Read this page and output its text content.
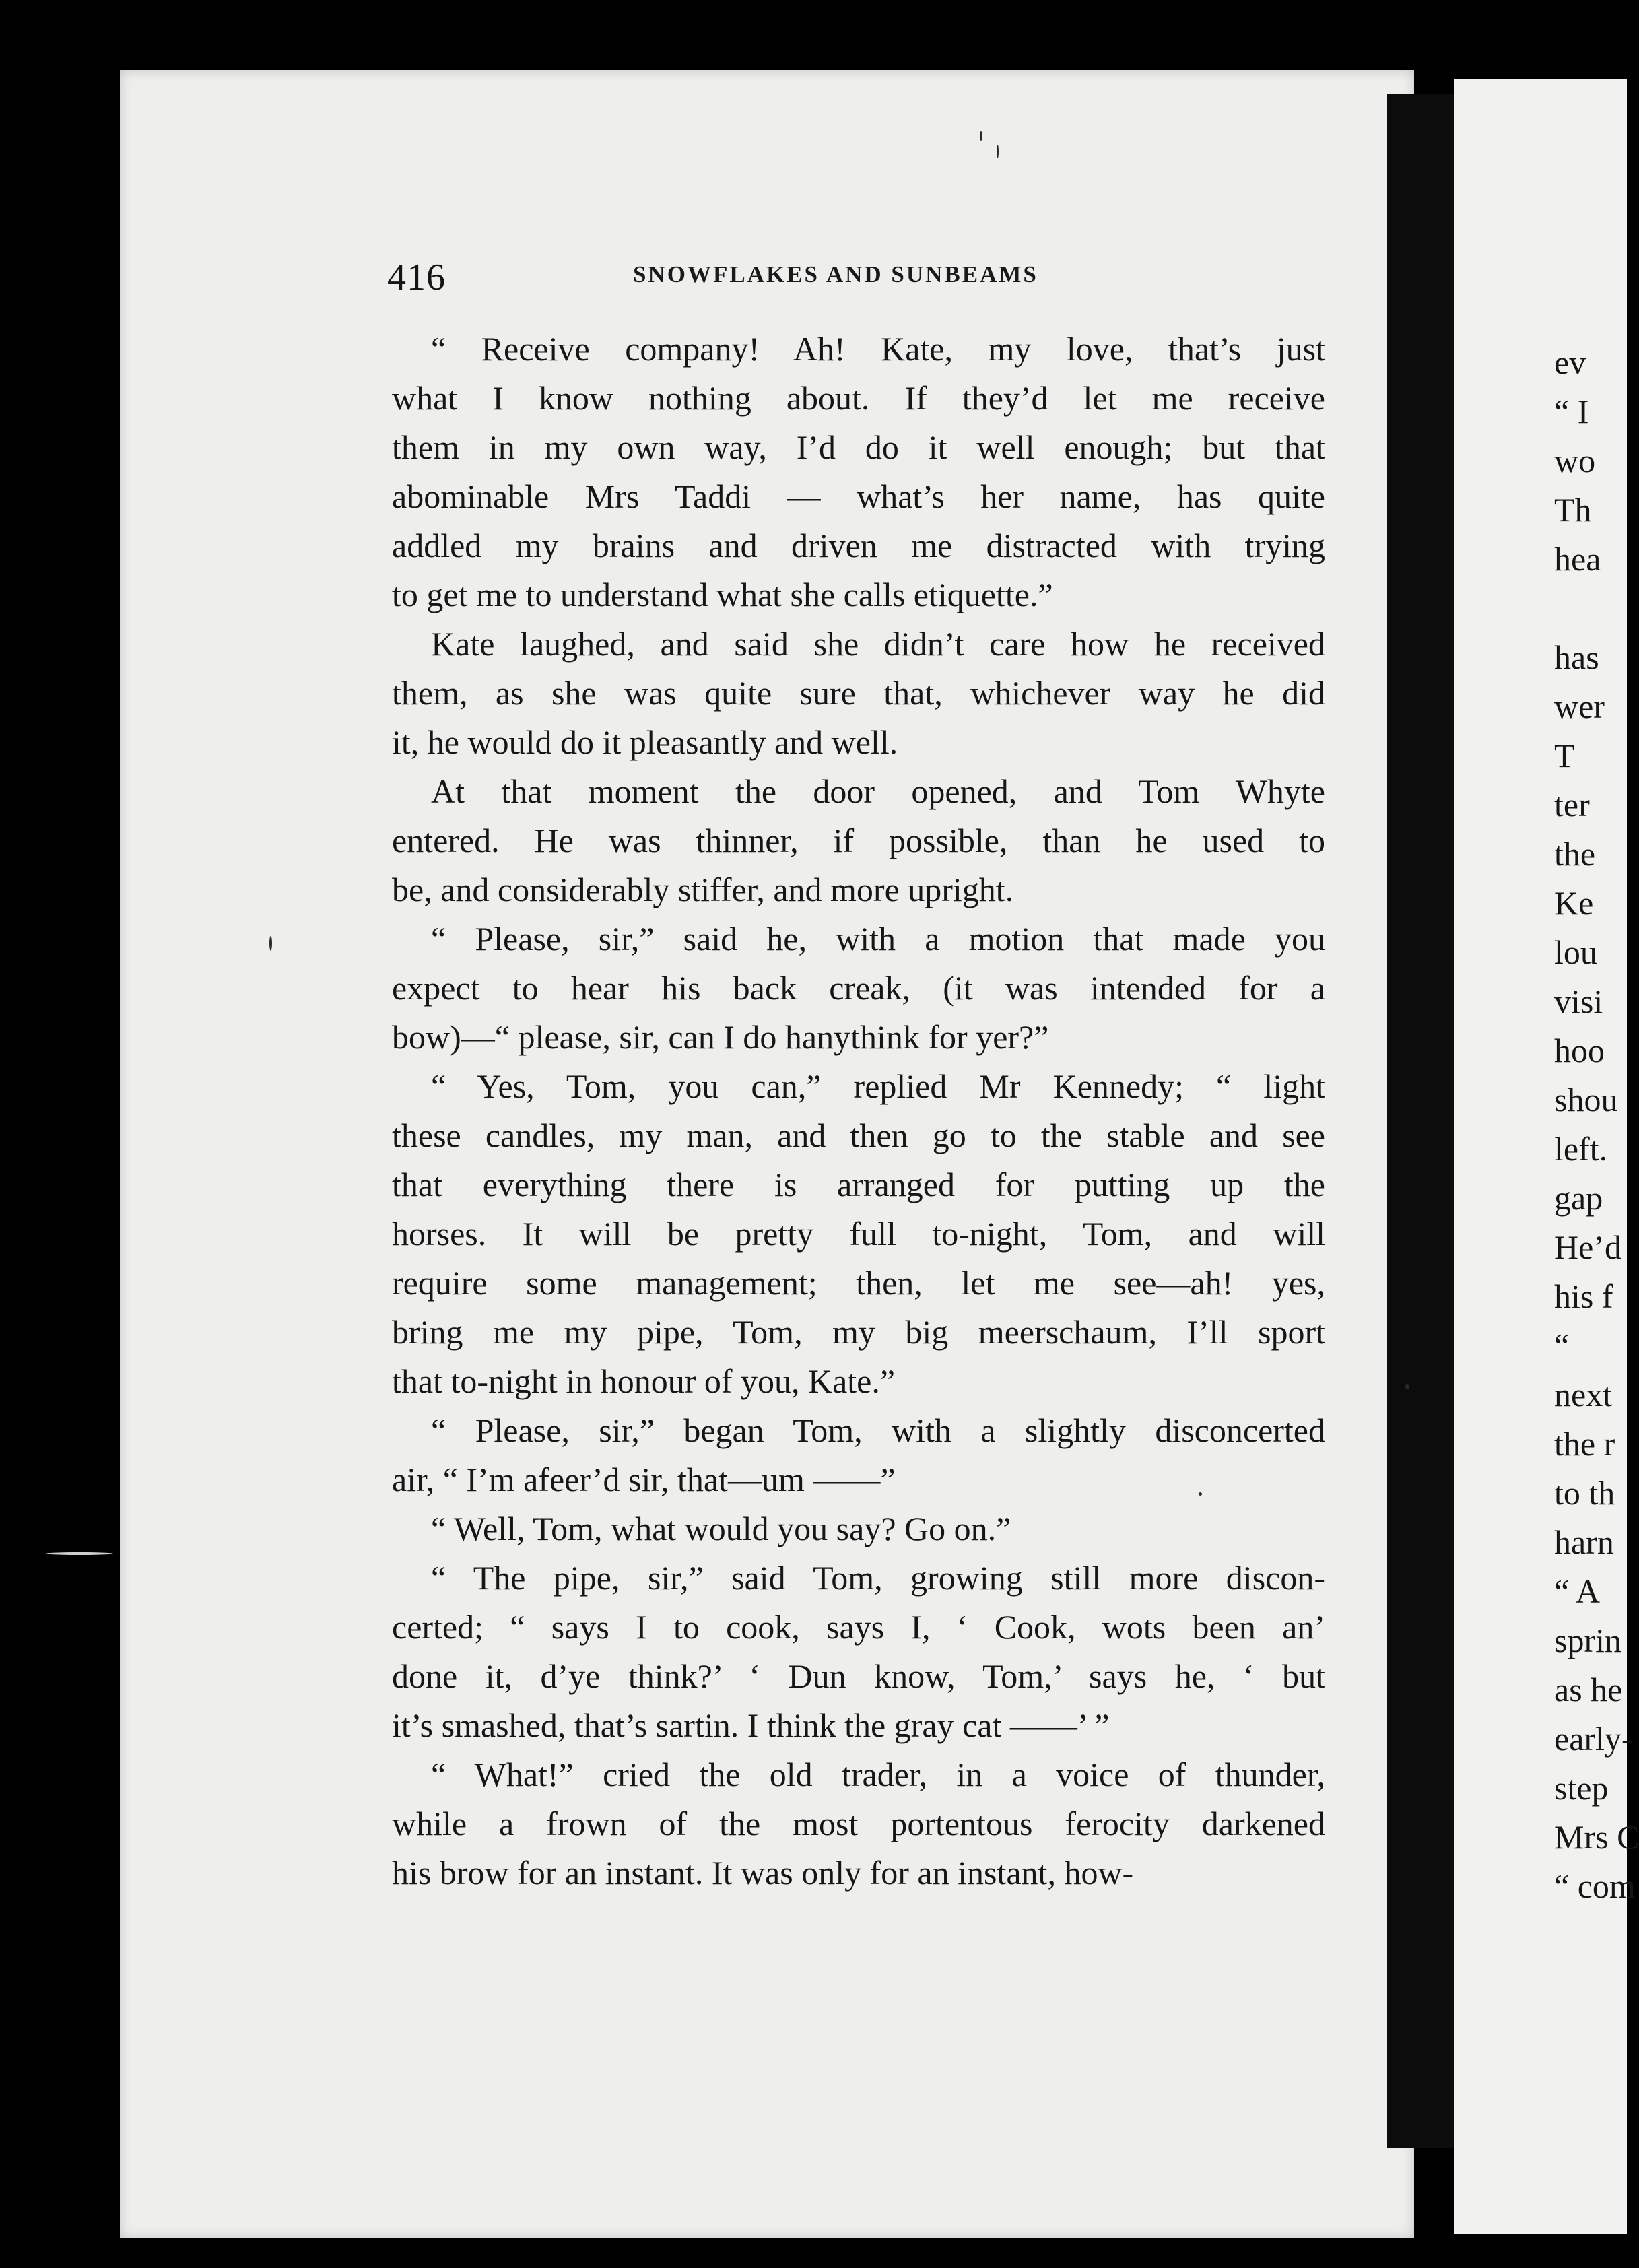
416	SNOWFLAKES AND SUNBEAMS
“ Receive company! Ah! Kate, my love, that’s just
what I know nothing about. If they’d let me receive
them in my own way, I’d do it well enough; but that
abominable Mrs Taddi — what’s her name, has quite
addled my brains and driven me distracted with trying
to get me to understand what she calls etiquette.”
Kate laughed, and said she didn’t care how he received
them, as she was quite sure that, whichever way he did
it, he would do it pleasantly and well.
At that moment the door opened, and Tom Whyte
entered. He was thinner, if possible, than he used to
be, and considerably stiffer, and more upright.
“ Please, sir,” said he, with a motion that made you
expect to hear his back creak, (it was intended for a
bow)—“ please, sir, can I do hanythink for yer?”
“ Yes, Tom, you can,” replied Mr Kennedy; “ light
these candles, my man, and then go to the stable and see
that everything there is arranged for putting up the
horses. It will be pretty full to-night, Tom, and will
require some management; then, let me see—ah! yes,
bring me my pipe, Tom, my big meerschaum, I’ll sport
that to-night in honour of you, Kate.”
“ Please, sir,” began Tom, with a slightly disconcerted
air, “ I’m afeer’d sir, that—um ——”
“ Well, Tom, what would you say? Go on.”
“ The pipe, sir,” said Tom, growing still more discon-
certed; “ says I to cook, says I, ‘ Cook, wots been an’
done it, d’ye think?’ ‘ Dun know, Tom,’ says he, ‘ but
it’s smashed, that’s sartin. I think the gray cat ——’ ”
“ What!” cried the old trader, in a voice of thunder,
while a frown of the most portentous ferocity darkened
his brow for an instant. It was only for an instant, how-
ev
“ I
wo
Th
hea
has
wer
T
ter
the
Ke
lou
visi
hoo
shou
left.
gap
He’d
his f
“
next
the r
to th
harn
“ A
sprin
as he
early-
step
Mrs C
“ com
